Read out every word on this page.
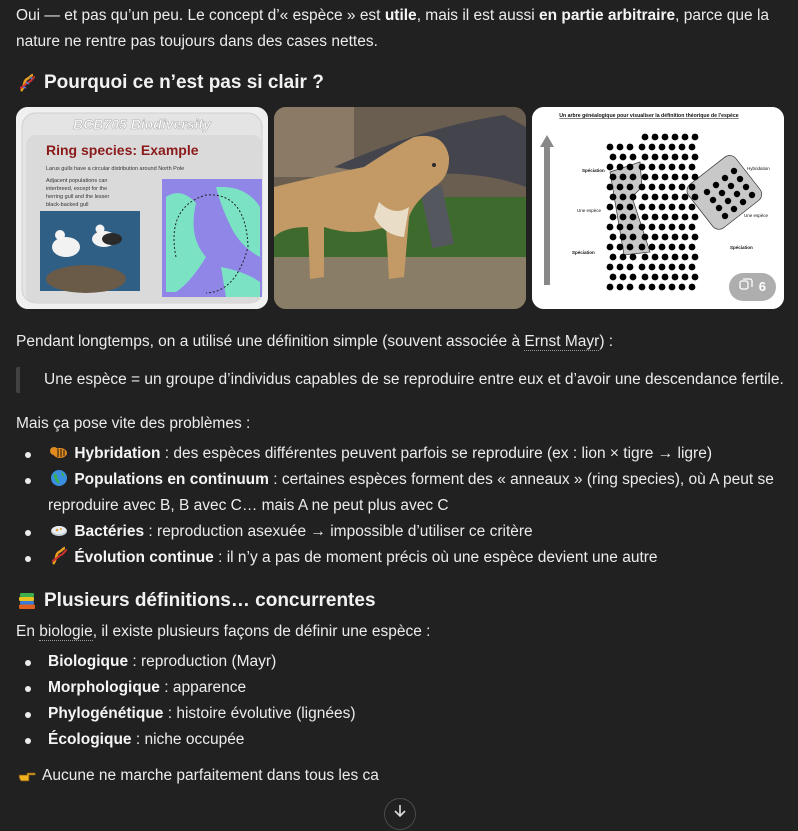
Oui — et pas qu’un peu. Le concept d’« espèce » est utile, mais il est aussi en partie arbitraire, parce que la nature ne rentre pas toujours dans des cases nettes.

Pourquoi ce n’est pas si clair ?
BCB705 Biodiversity
Ring species: Example
Larus gulls have a circular distribution around North Pole
Adjacent populations can
interbreed, except for the
herring gull and the lesser
black-backed gull
Un arbre généalogique pour visualiser la définition théorique de l'espèce
Spéciation
Une espèce
Spéciation
Hybridation
Une espèce
Spéciation
6

Pendant longtemps, on a utilisé une définition simple (souvent associée à Ernst Mayr) :

Une espèce = un groupe d’individus capables de se reproduire entre eux et d’avoir une descendance fertile.

Mais ça pose vite des problèmes :

Hybridation : des espèces différentes peuvent parfois se reproduire (ex : lion × tigre → ligre)
Populations en continuum : certaines espèces forment des « anneaux » (ring species), où A peut se reproduire avec B, B avec C… mais A ne peut plus avec C
Bactéries : reproduction asexuée → impossible d’utiliser ce critère
Évolution continue : il n’y a pas de moment précis où une espèce devient une autre
Plusieurs définitions… concurrentes

En biologie, il existe plusieurs façons de définir une espèce :

Biologique : reproduction (Mayr)
Morphologique : apparence
Phylogénétique : histoire évolutive (lignées)
Écologique : niche occupée

Aucune ne marche parfaitement dans tous les ca
